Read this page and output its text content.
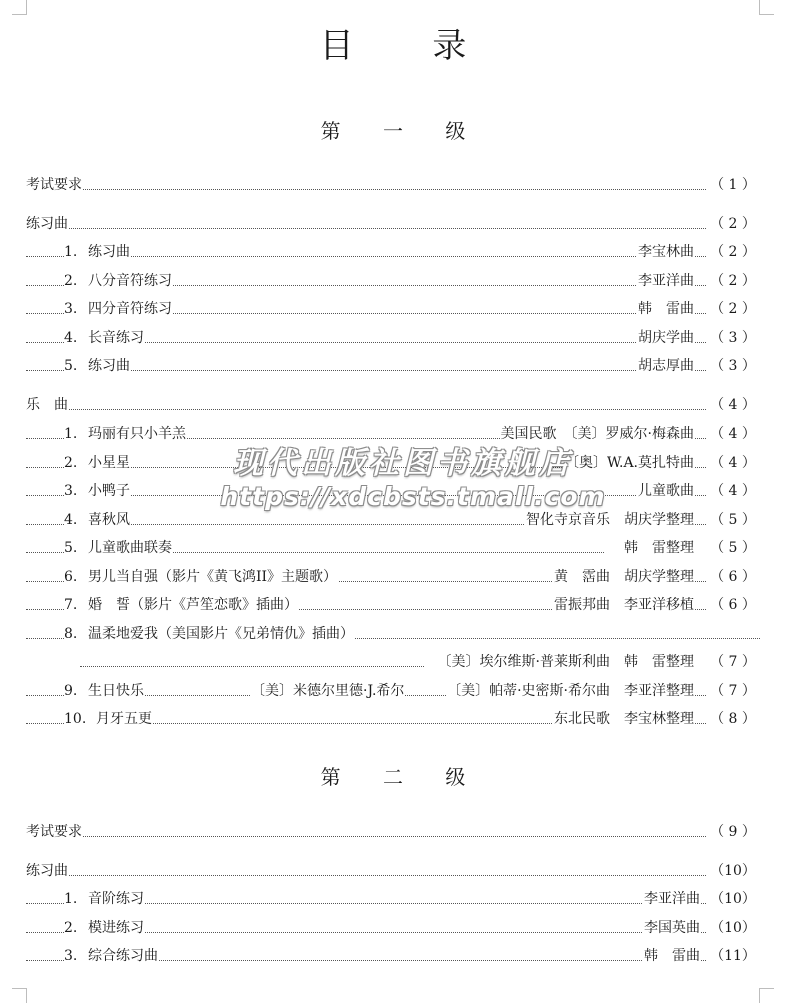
目 录
第 一 级
考试要求	（ 1 ）
练习曲	（ 2 ）
1. 练习曲	李宝林曲 （ 2 ）
2. 八分音符练习	李亚洋曲 （ 2 ）
3. 四分音符练习	韩　雷曲 （ 2 ）
4. 长音练习	胡庆学曲 （ 3 ）
5. 练习曲	胡志厚曲 （ 3 ）
乐　曲	（ 4 ）
1. 玛丽有只小羊羔	美国民歌　〔美〕罗威尔·梅森曲 （ 4 ）
2. 小星星	〔奥〕W.A.莫扎特曲 （ 4 ）
3. 小鸭子	儿童歌曲 （ 4 ）
4. 喜秋风	智化寺京音乐　胡庆学整理 （ 5 ）
5. 儿童歌曲联奏	韩　雷整理 （ 5 ）
6. 男儿当自强（影片《黄飞鸿II》主题歌）	黄　霑曲　胡庆学整理 （ 6 ）
7. 婚　誓（影片《芦笙恋歌》插曲）	雷振邦曲　李亚洋移植 （ 6 ）
8. 温柔地爱我（美国影片《兄弟情仇》插曲）
〔美〕埃尔维斯·普莱斯利曲　韩　雷整理 （ 7 ）
9. 生日快乐	〔美〕米德尔里德·J.希尔	〔美〕帕蒂·史密斯·希尔曲　李亚洋整理 （ 7 ）
10. 月牙五更	东北民歌　李宝林整理 （ 8 ）
第 二 级
考试要求	（ 9 ）
练习曲	（10）
1. 音阶练习	李亚洋曲 （10）
2. 模进练习	李国英曲 （10）
3. 综合练习曲	韩　雷曲 （11）
现代出版社图书旗舰店
https://xdcbsts.tmall.com
